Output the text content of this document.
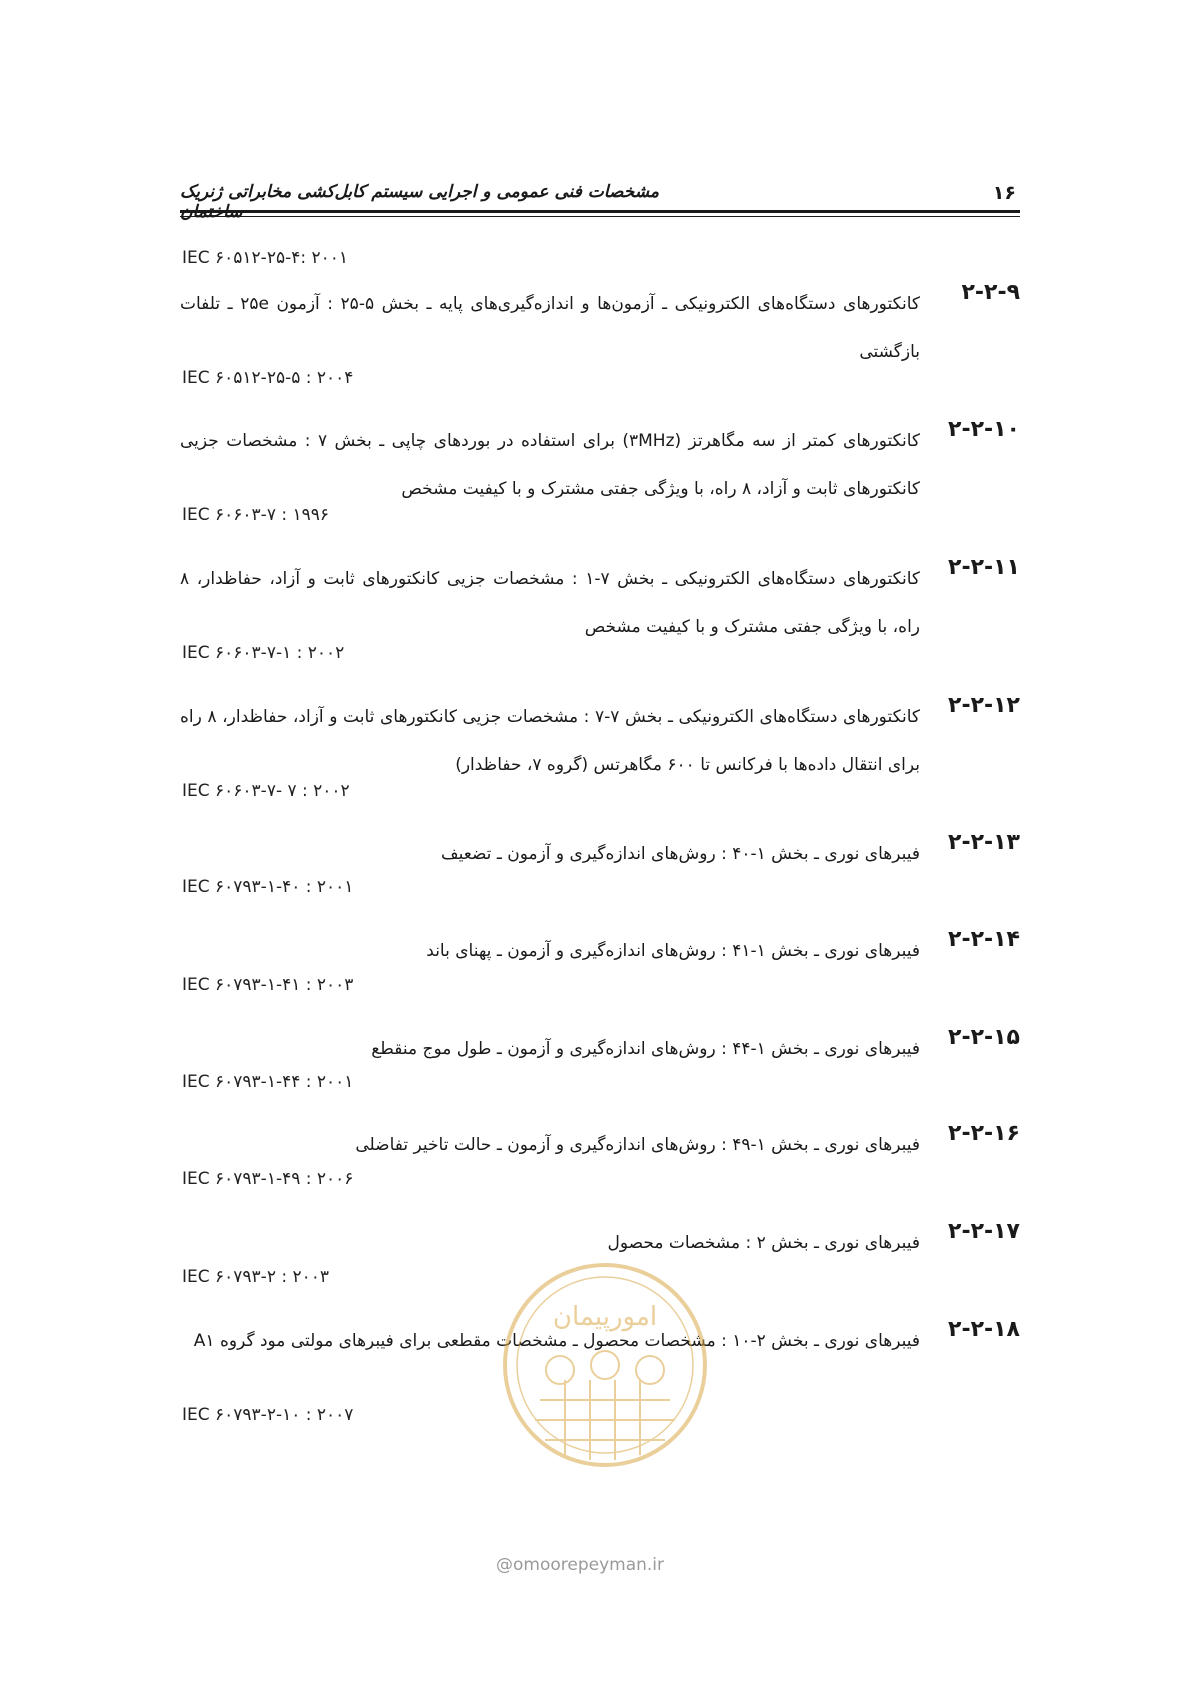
۱۶
مشخصات فنی عمومی و اجرایی سیستم کابل‌کشی مخابراتی ژنریک
IEC ۶۰۵۱۲-۲۵-۴: ۲۰۰۱
۲-۲-۹
کانکتورهای دستگاه‌های الکترونیکی ـ آزمون‌ها و اندازه‌گیری‌های پایه ـ بخش ۵-۲۵ : آزمون ۲۵e ـ تلفات بازگشتی
IEC ۶۰۵۱۲-۲۵-۵ : ۲۰۰۴
۲-۲-۱۰
کانکتورهای کمتر از سه مگاهرتز (۳MHz) برای استفاده در بوردهای چاپی ـ بخش ۷ : مشخصات جزیی کانکتورهای ثابت و آزاد، ۸ راه، با ویژگی جفتی مشترک و با کیفیت مشخص
IEC ۶۰۶۰۳-۷ : ۱۹۹۶
۲-۲-۱۱
کانکتورهای دستگاه‌های الکترونیکی ـ بخش ۷-۱ : مشخصات جزیی کانکتورهای ثابت و آزاد، حفاظدار، ۸ راه، با ویژگی جفتی مشترک و با کیفیت مشخص
IEC ۶۰۶۰۳-۷-۱ : ۲۰۰۲
۲-۲-۱۲
کانکتورهای دستگاه‌های الکترونیکی ـ بخش ۷-۷ : مشخصات جزیی کانکتورهای ثابت و آزاد، حفاظدار، ۸ راه برای انتقال داده‌ها با فرکانس تا ۶۰۰ مگاهرتس (گروه ۷، حفاظدار)
IEC ۶۰۶۰۳-۷- ۷ : ۲۰۰۲
۲-۲-۱۳
فیبرهای نوری ـ بخش ۱-۴۰ : روش‌های اندازه‌گیری و آزمون ـ تضعیف
IEC ۶۰۷۹۳-۱-۴۰ : ۲۰۰۱
۲-۲-۱۴
فیبرهای نوری ـ بخش ۱-۴۱ : روش‌های اندازه‌گیری و آزمون ـ پهنای باند
IEC ۶۰۷۹۳-۱-۴۱ : ۲۰۰۳
۲-۲-۱۵
فیبرهای نوری ـ بخش ۱-۴۴ : روش‌های اندازه‌گیری و آزمون ـ طول موج منقطع
IEC ۶۰۷۹۳-۱-۴۴ : ۲۰۰۱
۲-۲-۱۶
فیبرهای نوری ـ بخش ۱-۴۹ : روش‌های اندازه‌گیری و آزمون ـ حالت تاخیر تفاضلی
IEC ۶۰۷۹۳-۱-۴۹ : ۲۰۰۶
۲-۲-۱۷
فیبرهای نوری ـ بخش ۲ : مشخصات محصول
IEC ۶۰۷۹۳-۲ : ۲۰۰۳
۲-۲-۱۸
فیبرهای نوری ـ بخش ۲-۱۰ : مشخصات محصول ـ مشخصات مقطعی برای فیبرهای مولتی مود گروه A۱
IEC ۶۰۷۹۳-۲-۱۰ : ۲۰۰۷
امورپیمان
@omoorepeyman.ir
